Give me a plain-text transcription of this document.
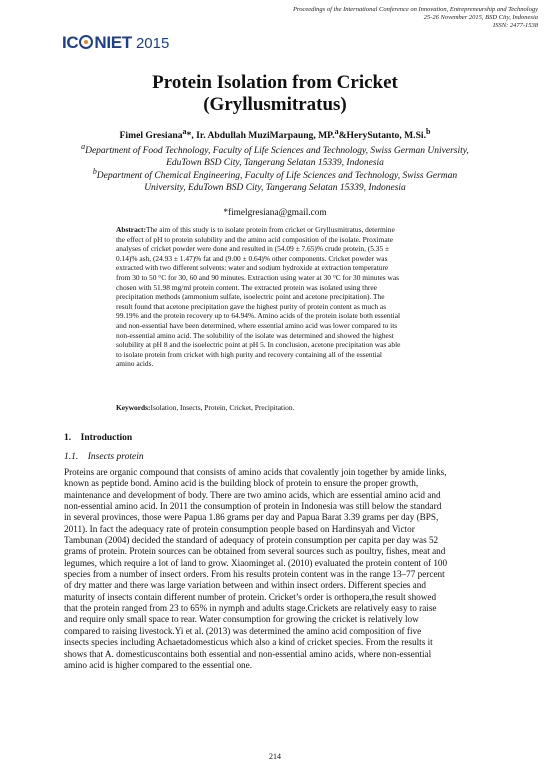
IC NIET 2015
Proceedings of the International Conference on Innovation, Entrepreneurship and Technology
25-26 November 2015, BSD City, Indonesia
ISSN: 2477-1538
Protein Isolation from Cricket
(Gryllusmitratus)
Fimel Gresiana$^a$*, Ir. Abdullah MuziMarpaung, MP.$^a$&HerySutanto, M.Si.$^b$
$^a$Department of Food Technology, Faculty of Life Sciences and Technology, Swiss German University,
EduTown BSD City, Tangerang Selatan 15339, Indonesia
$^b$Department of Chemical Engineering, Faculty of Life Sciences and Technology, Swiss German
University, EduTown BSD City, Tangerang Selatan 15339, Indonesia
*fimelgresiana@gmail.com
Abstract:The aim of this study is to isolate protein from cricket or Gryllusmitratus, determine
the effect of pH to protein solubility and the amino acid composition of the isolate. Proximate
analyses of cricket powder were done and resulted in (54.09 ± 7.65)% crude protein, (5.35 ±
0.14)% ash, (24.93 ± 1.47)% fat and (9.00 ± 0.64)% other components. Cricket powder was
extracted with two different solvents: water and sodium hydroxide at extraction temperature
from 30 to 50 °C for 30, 60 and 90 minutes. Extraction using water at 30 °C for 30 minutes was
chosen with 51.98 mg/ml protein content. The extracted protein was isolated using three
precipitation methods (ammonium sulfate, isoelectric point and acetone precipitation). The
result found that acetone precipitation gave the highest purity of protein content as much as
99.19% and the protein recovery up to 64.94%. Amino acids of the protein isolate both essential
and non-essential have been determined, where essential amino acid was lower compared to its
non-essential amino acid. The solubility of the isolate was determined and showed the highest
solubility at pH 8 and the isoelectric point at pH 5. In conclusion, acetone precipitation was able
to isolate protein from cricket with high purity and recovery containing all of the essential
amino acids.
Keywords:Isolation, Insects, Protein, Cricket, Precipitation.
1. Introduction
1.1. Insects protein
Proteins are organic compound that consists of amino acids that covalently join together by amide links,
known as peptide bond. Amino acid is the building block of protein to ensure the proper growth,
maintenance and development of body. There are two amino acids, which are essential amino acid and
non-essential amino acid. In 2011 the consumption of protein in Indonesia was still below the standard
in several provinces, those were Papua 1.86 grams per day and Papua Barat 3.39 grams per day (BPS,
2011). In fact the adequacy rate of protein consumption people based on Hardinsyah and Victor
Tambunan (2004) decided the standard of adequacy of protein consumption per capita per day was 52
grams of protein. Protein sources can be obtained from several sources such as poultry, fishes, meat and
legumes, which require a lot of land to grow. Xiaominget al. (2010) evaluated the protein content of 100
species from a number of insect orders. From his results protein content was in the range 13–77 percent
of dry matter and there was large variation between and within insect orders. Different species and
maturity of insects contain different number of protein. Cricket’s order is orthopera,the result showed
that the protein ranged from 23 to 65% in nymph and adults stage.Crickets are relatively easy to raise
and require only small space to rear. Water consumption for growing the cricket is relatively low
compared to raising livestock.Yi et al. (2013) was determined the amino acid composition of five
insects species including Achaetadomesticus which also a kind of cricket species. From the results it
shows that A. domesticuscontains both essential and non-essential amino acids, where non-essential
amino acid is higher compared to the essential one.
214
